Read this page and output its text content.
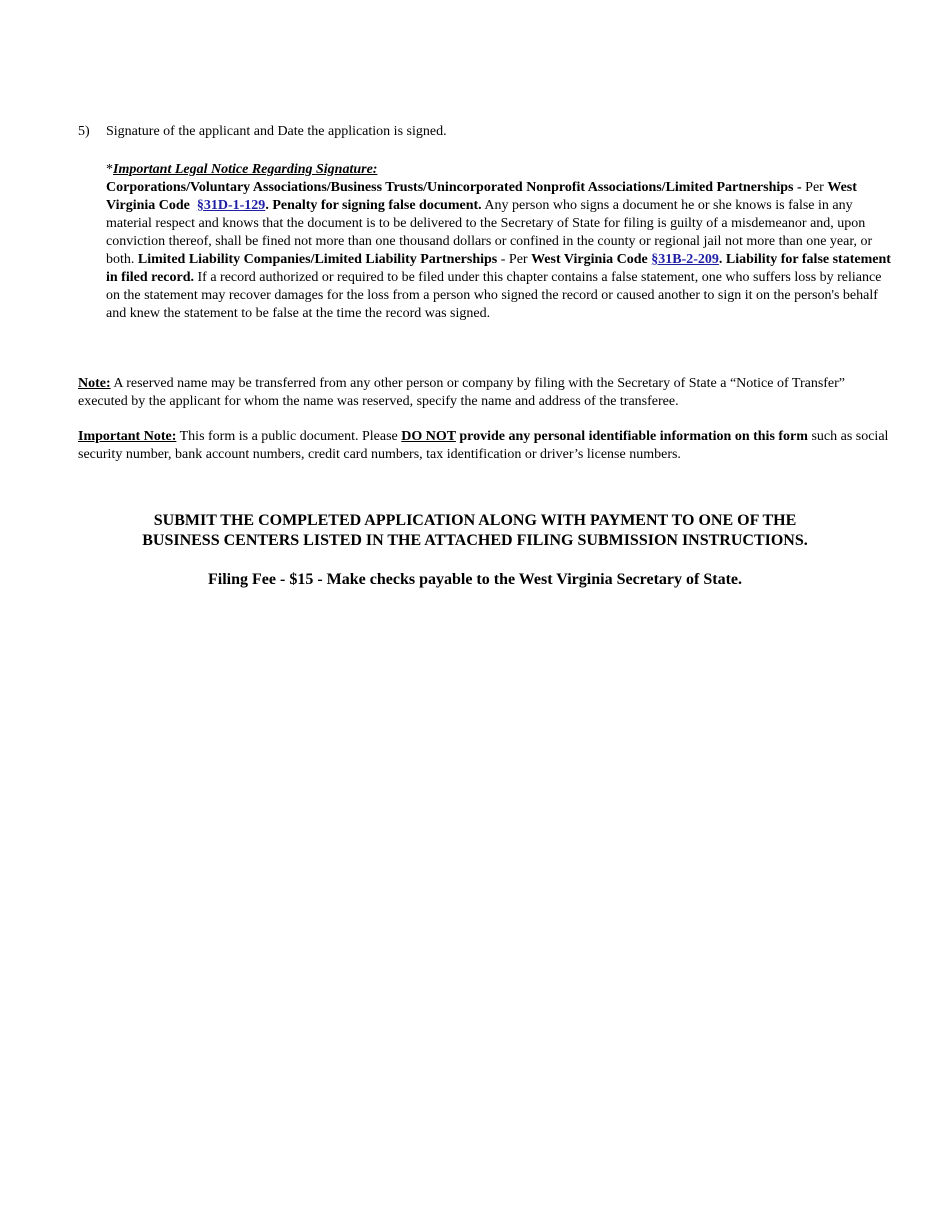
5) Signature of the applicant and Date the application is signed.

*Important Legal Notice Regarding Signature:

Corporations/Voluntary Associations/Business Trusts/Unincorporated Nonprofit Associations/Limited Partnerships - Per West Virginia Code §31D-1-129. Penalty for signing false document. Any person who signs a document he or she knows is false in any material respect and knows that the document is to be delivered to the Secretary of State for filing is guilty of a misdemeanor and, upon conviction thereof, shall be fined not more than one thousand dollars or confined in the county or regional jail not more than one year, or both. Limited Liability Companies/Limited Liability Partnerships - Per West Virginia Code §31B-2-209. Liability for false statement in filed record. If a record authorized or required to be filed under this chapter contains a false statement, one who suffers loss by reliance on the statement may recover damages for the loss from a person who signed the record or caused another to sign it on the person's behalf and knew the statement to be false at the time the record was signed.

Note: A reserved name may be transferred from any other person or company by filing with the Secretary of State a “Notice of Transfer” executed by the applicant for whom the name was reserved, specify the name and address of the transferee.
Important Note: This form is a public document. Please DO NOT provide any personal identifiable information on this form such as social security number, bank account numbers, credit card numbers, tax identification or driver’s license numbers.
SUBMIT THE COMPLETED APPLICATION ALONG WITH PAYMENT TO ONE OF THE
BUSINESS CENTERS LISTED IN THE ATTACHED FILING SUBMISSION INSTRUCTIONS.
Filing Fee - $15 - Make checks payable to the West Virginia Secretary of State.
